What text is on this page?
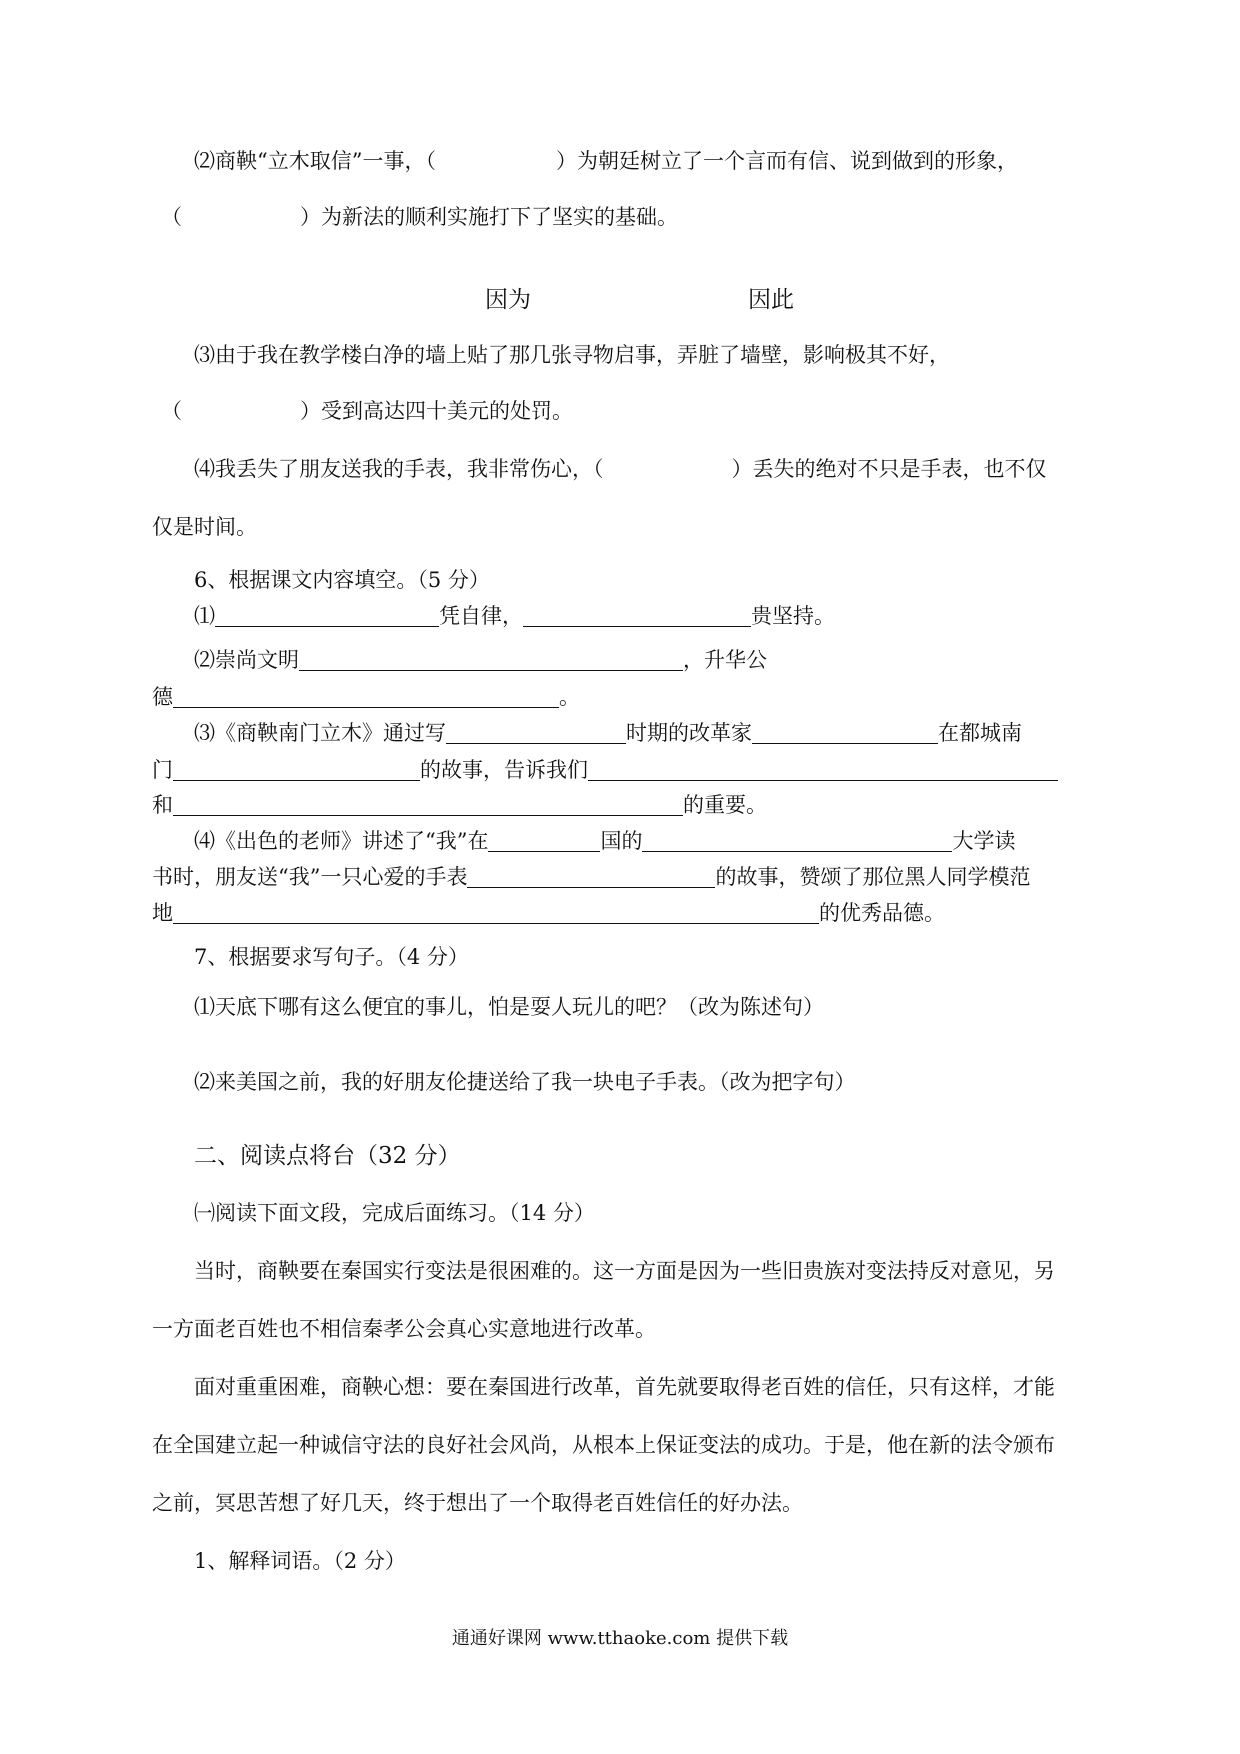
⑵商鞅“立木取信”一事，（	）为朝廷树立了一个言而有信、说到做到的形象，
（	）为新法的顺利实施打下了坚实的基础。
因为	因此
⑶由于我在教学楼白净的墙上贴了那几张寻物启事，弄脏了墙壁，影响极其不好，
（	）受到高达四十美元的处罚。
⑷我丢失了朋友送我的手表，我非常伤心，（	）丢失的绝对不只是手表，也不仅
仅是时间。
6、根据课文内容填空。（5 分）
⑴	凭自律，	贵坚持。
⑵崇尚文明	，升华公
德	。
⑶《商鞅南门立木》通过写	时期的改革家	在都城南
门	的故事，告诉我们
和	的重要。
⑷《出色的老师》讲述了“我”在	国的	大学读
书时，朋友送“我”一只心爱的手表	的故事，赞颂了那位黑人同学模范
地	的优秀品德。
7、根据要求写句子。（4 分）
⑴天底下哪有这么便宜的事儿，怕是耍人玩儿的吧？（改为陈述句）
⑵来美国之前，我的好朋友伦捷送给了我一块电子手表。（改为把字句）
二、阅读点将台（32 分）
㈠阅读下面文段，完成后面练习。（14 分）
当时，商鞅要在秦国实行变法是很困难的。这一方面是因为一些旧贵族对变法持反对意见，另
一方面老百姓也不相信秦孝公会真心实意地进行改革。
面对重重困难，商鞅心想：要在秦国进行改革，首先就要取得老百姓的信任，只有这样，才能
在全国建立起一种诚信守法的良好社会风尚，从根本上保证变法的成功。于是，他在新的法令颁布
之前，冥思苦想了好几天，终于想出了一个取得老百姓信任的好办法。
1、解释词语。（2 分）
通通好课网 www.tthaoke.com 提供下载
